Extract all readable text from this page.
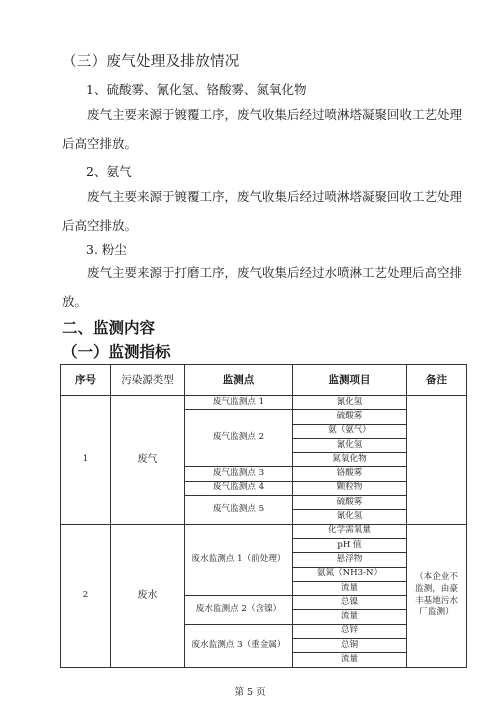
（三）废气处理及排放情况
1、硫酸雾、氰化氢、铬酸雾、氮氧化物
废气主要来源于镀覆工序，废气收集后经过喷淋塔凝聚回收工艺处理后高空排放。
2、氨气
废气主要来源于镀覆工序，废气收集后经过喷淋塔凝聚回收工艺处理后高空排放。
3. 粉尘
废气主要来源于打磨工序，废气收集后经过水喷淋工艺处理后高空排放。
二、监测内容
（一）监测指标
序号	污染源类型	监测点	监测项目	备注
1	废气	废气监测点 1	氰化氢	
		废气监测点 2	硫酸雾	
			氨（氨气）	
			氰化氢	
			氮氧化物	
		废气监测点 3	铬酸雾	
		废气监测点 4	颗粒物	
		废气监测点 5	硫酸雾	
			氰化氢	
2	废水	废水监测点 1（前处理）	化学需氧量	（本企业不监测，由豪丰基地污水厂监测）
			pH 值	
			悬浮物	
			氨氮（NH3-N）	
			流量	
		废水监测点 2（含镍）	总镍	
			流量	
		废水监测点 3（重金属）	总锌	
			总铜	
			流量	
第 5 页
